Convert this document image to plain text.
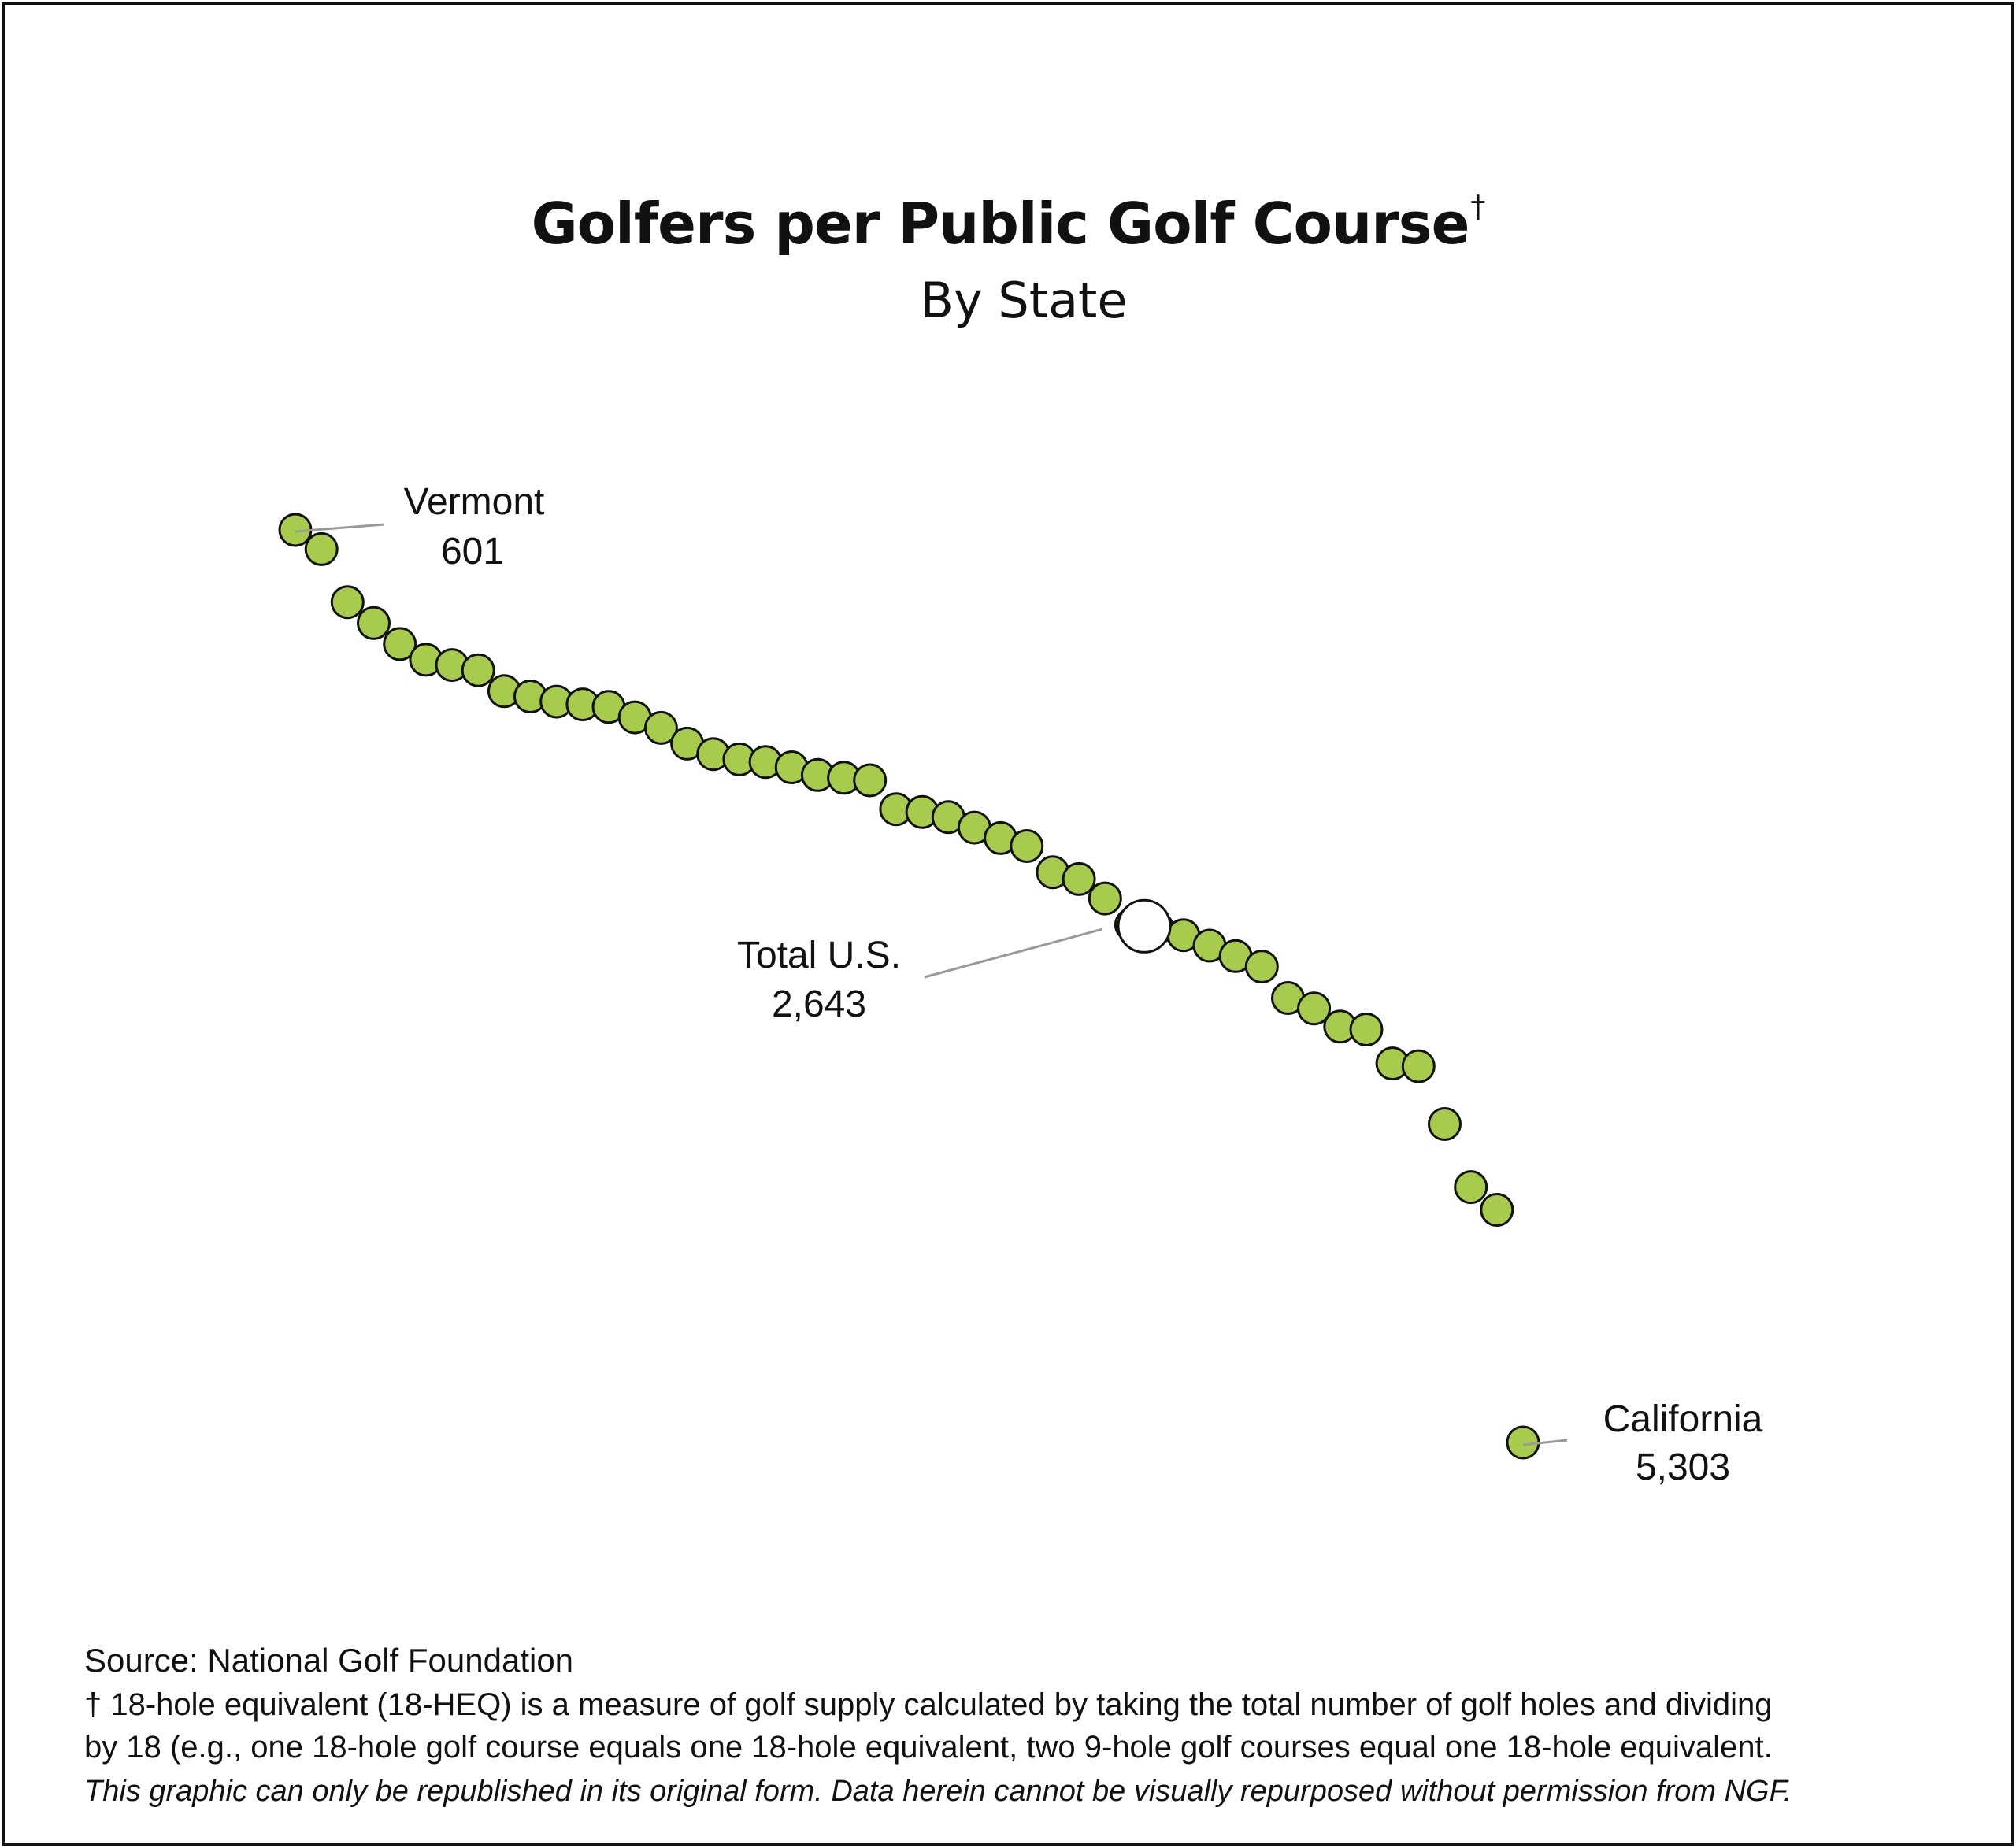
Golfers per Public Golf Course†
By State
Vermont
601
Total U.S.
2,643
California
5,303
Source: National Golf Foundation
† 18-hole equivalent (18-HEQ) is a measure of golf supply calculated by taking the total number of golf holes and dividing
by 18 (e.g., one 18-hole golf course equals one 18-hole equivalent, two 9-hole golf courses equal one 18-hole equivalent.
This graphic can only be republished in its original form. Data herein cannot be visually repurposed without permission from NGF.
